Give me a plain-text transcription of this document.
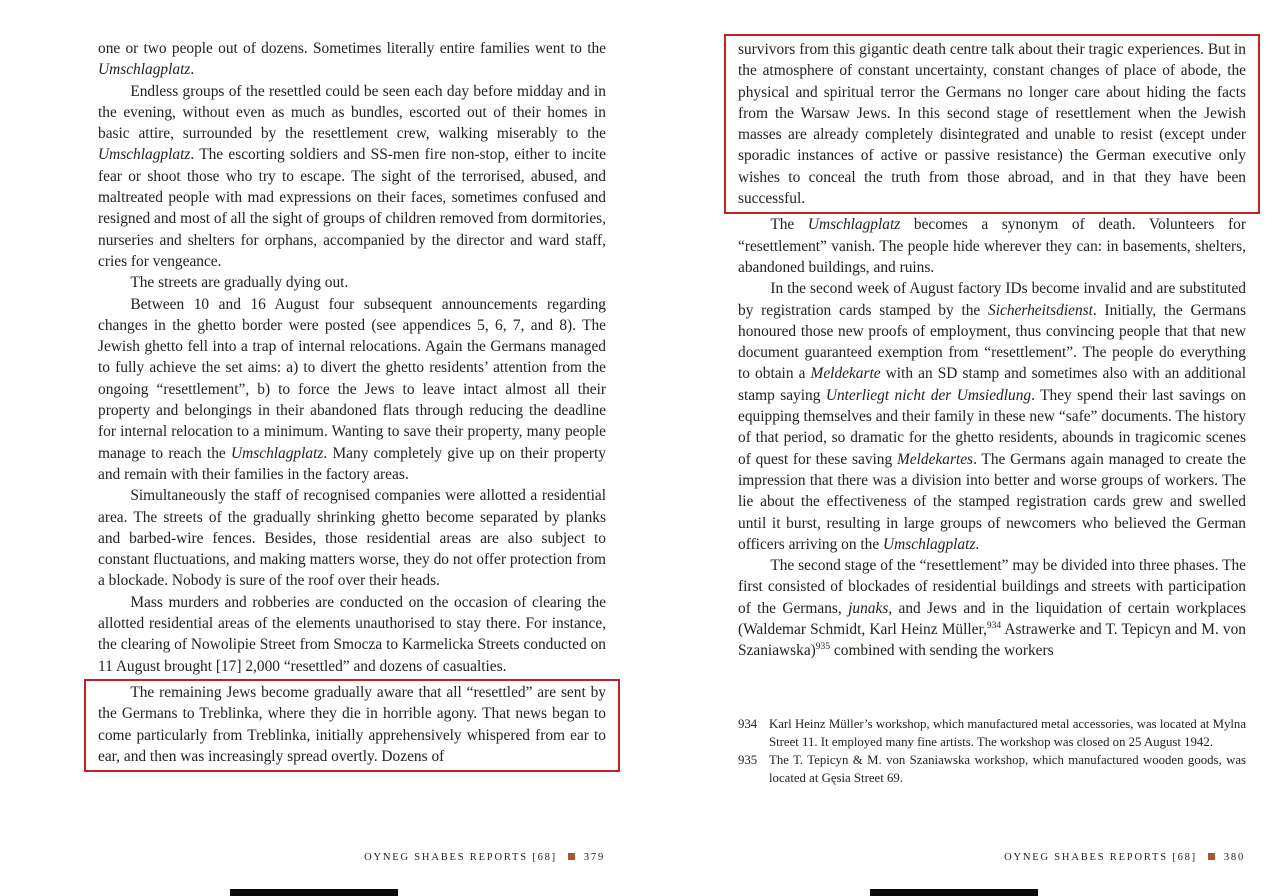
one or two people out of dozens. Sometimes literally entire families went to the Umschlagplatz.

Endless groups of the resettled could be seen each day before midday and in the evening, without even as much as bundles, escorted out of their homes in basic attire, surrounded by the resettlement crew, walking miserably to the Umschlagplatz. The escorting soldiers and SS-men fire non-stop, either to incite fear or shoot those who try to escape. The sight of the terrorised, abused, and maltreated people with mad expressions on their faces, sometimes confused and resigned and most of all the sight of groups of children removed from dormitories, nurseries and shelters for orphans, accompanied by the director and ward staff, cries for vengeance.

The streets are gradually dying out.

Between 10 and 16 August four subsequent announcements regarding changes in the ghetto border were posted (see appendices 5, 6, 7, and 8). The Jewish ghetto fell into a trap of internal relocations. Again the Germans managed to fully achieve the set aims: a) to divert the ghetto residents’ attention from the ongoing “resettlement”, b) to force the Jews to leave intact almost all their property and belongings in their abandoned flats through reducing the deadline for internal relocation to a minimum. Wanting to save their property, many people manage to reach the Umschlagplatz. Many completely give up on their property and remain with their families in the factory areas.

Simultaneously the staff of recognised companies were allotted a residential area. The streets of the gradually shrinking ghetto become separated by planks and barbed-wire fences. Besides, those residential areas are also subject to constant fluctuations, and making matters worse, they do not offer protection from a blockade. Nobody is sure of the roof over their heads.

Mass murders and robberies are conducted on the occasion of clearing the allotted residential areas of the elements unauthorised to stay there. For instance, the clearing of Nowolipie Street from Smocza to Karmelicka Streets conducted on 11 August brought [17] 2,000 “resettled” and dozens of casualties.

The remaining Jews become gradually aware that all “resettled” are sent by the Germans to Treblinka, where they die in horrible agony. That news began to come particularly from Treblinka, initially apprehensively whispered from ear to ear, and then was increasingly spread overtly. Dozens of

OYNEG SHABES REPORTS [68]	379

survivors from this gigantic death centre talk about their tragic experiences. But in the atmosphere of constant uncertainty, constant changes of place of abode, the physical and spiritual terror the Germans no longer care about hiding the facts from the Warsaw Jews. In this second stage of resettlement when the Jewish masses are already completely disintegrated and unable to resist (except under sporadic instances of active or passive resistance) the German executive only wishes to conceal the truth from those abroad, and in that they have been successful.

The Umschlagplatz becomes a synonym of death. Volunteers for “resettlement” vanish. The people hide wherever they can: in basements, shelters, abandoned buildings, and ruins.

In the second week of August factory IDs become invalid and are substituted by registration cards stamped by the Sicherheitsdienst. Initially, the Germans honoured those new proofs of employment, thus convincing people that that new document guaranteed exemption from “resettlement”. The people do everything to obtain a Meldekarte with an SD stamp and sometimes also with an additional stamp saying Unterliegt nicht der Umsiedlung. They spend their last savings on equipping themselves and their family in these new “safe” documents. The history of that period, so dramatic for the ghetto residents, abounds in tragicomic scenes of quest for these saving Meldekartes. The Germans again managed to create the impression that there was a division into better and worse groups of workers. The lie about the effectiveness of the stamped registration cards grew and swelled until it burst, resulting in large groups of newcomers who believed the German officers arriving on the Umschlagplatz.

The second stage of the “resettlement” may be divided into three phases. The first consisted of blockades of residential buildings and streets with participation of the Germans, junaks, and Jews and in the liquidation of certain workplaces (Waldemar Schmidt, Karl Heinz Müller,$^{934}$ Astrawerke and T. Tepicyn and M. von Szaniawska)$^{935}$ combined with sending the workers

934 Karl Heinz Müller’s workshop, which manufactured metal accessories, was located at Mylna Street 11. It employed many fine artists. The workshop was closed on 25 August 1942.
935 The T. Tepicyn & M. von Szaniawska workshop, which manufactured wooden goods, was located at Gęsia Street 69.
OYNEG SHABES REPORTS [68]	380
